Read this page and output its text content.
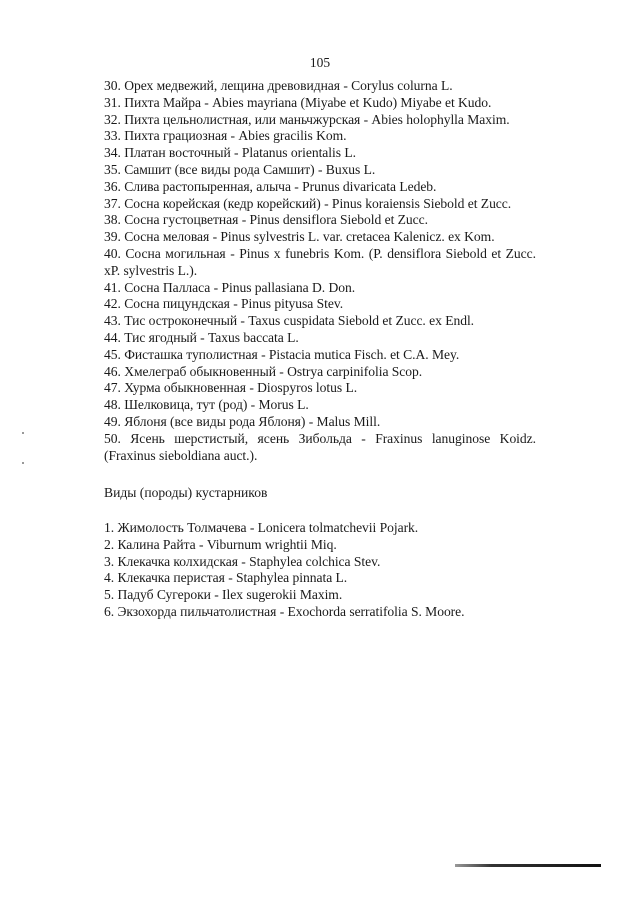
105

30. Орех медвежий, лещина древовидная - Corylus colurna L.

31. Пихта Майра - Abies mayriana (Miyabe et Kudo) Miyabe et Kudo.

32. Пихта цельнолистная, или маньчжурская - Abies holophylla Maxim.

33. Пихта грациозная - Abies gracilis Kom.

34. Платан восточный - Platanus orientalis L.

35. Самшит (все виды рода Самшит) - Buxus L.

36. Слива растопыренная, алыча - Prunus divaricata Ledeb.

37. Сосна корейская (кедр корейский) - Pinus koraiensis Siebold et Zucc.

38. Сосна густоцветная - Pinus densiflora Siebold et Zucc.

39. Сосна меловая - Pinus sylvestris L. var. cretacea Kalenicz. ex Kom.

40. Сосна могильная - Pinus x funebris Kom. (P. densiflora Siebold et Zucc. xP. sylvestris L.).

41. Сосна Палласа - Pinus pallasiana D. Don.

42. Сосна пицундская - Pinus pityusa Stev.

43. Тис остроконечный - Taxus cuspidata Siebold et Zucc. ex Endl.

44. Тис ягодный - Taxus baccata L.

45. Фисташка туполистная - Pistacia mutica Fisch. et C.A. Mey.

46. Хмелеграб обыкновенный - Ostrya carpinifolia Scop.

47. Хурма обыкновенная - Diospyros lotus L.

48. Шелковица, тут (род) - Morus L.

49. Яблоня (все виды рода Яблоня) - Malus Mill.

50. Ясень шерстистый, ясень Зибольда - Fraxinus lanuginose Koidz. (Fraxinus sieboldiana auct.).

Виды (породы) кустарников

1. Жимолость Толмачева - Lonicera tolmatchevii Pojark.

2. Калина Райта - Viburnum wrightii Miq.

3. Клекачка колхидская - Staphylea colchica Stev.

4. Клекачка перистая - Staphylea pinnata L.

5. Падуб Сугероки - Ilex sugerokii Maxim.

6. Экзохорда пильчатолистная - Exochorda serratifolia S. Moore.
